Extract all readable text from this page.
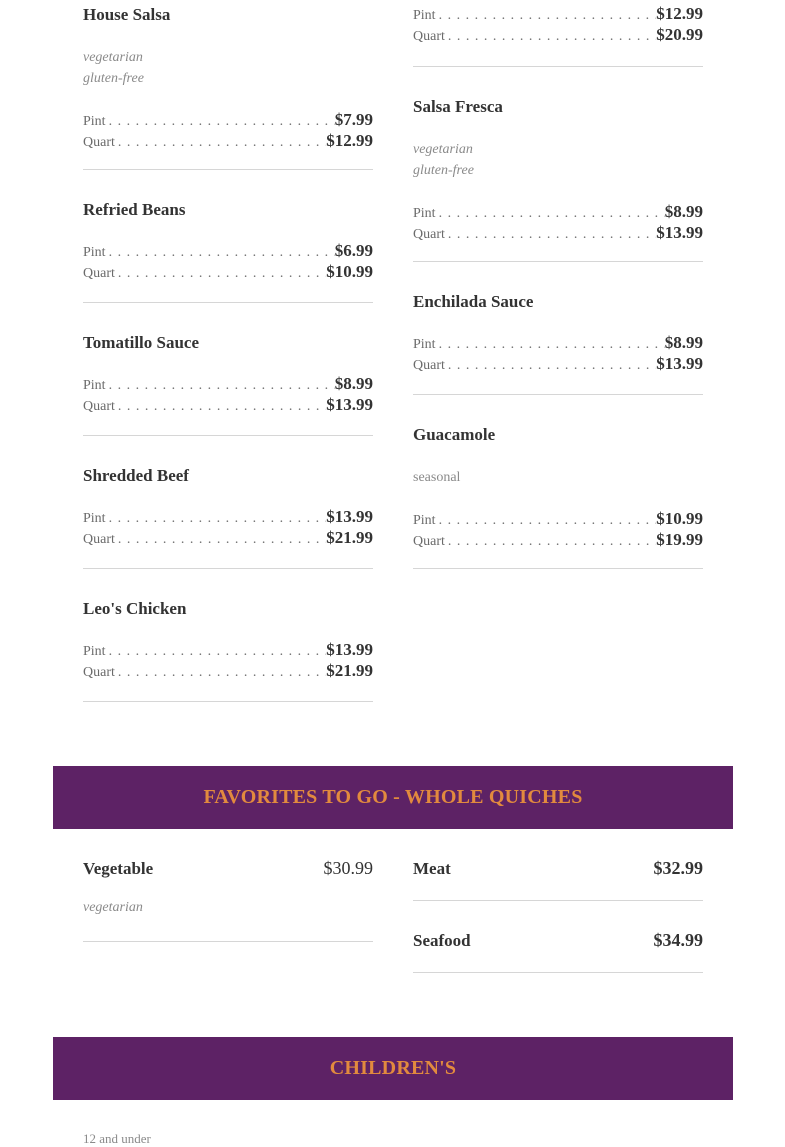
Pint . . .	$12.99
Quart . . .	$20.99
House Salsa
vegetarian
gluten-free
Pint . . .	$7.99
Quart . . .	$12.99
Refried Beans
Pint . . .	$6.99
Quart . . .	$10.99
Tomatillo Sauce
Pint . . .	$8.99
Quart . . .	$13.99
Shredded Beef
Pint . . .	$13.99
Quart . . .	$21.99
Leo's Chicken
Pint . . .	$13.99
Quart . . .	$21.99
Salsa Fresca
vegetarian
gluten-free
Pint . . .	$8.99
Quart . . .	$13.99
Enchilada Sauce
Pint . . .	$8.99
Quart . . .	$13.99
Guacamole
seasonal
Pint . . .	$10.99
Quart . . .	$19.99
FAVORITES TO GO - WHOLE QUICHES
Vegetable	$30.99
vegetarian
Meat	$32.99
Seafood	$34.99
CHILDREN'S
12 and under
